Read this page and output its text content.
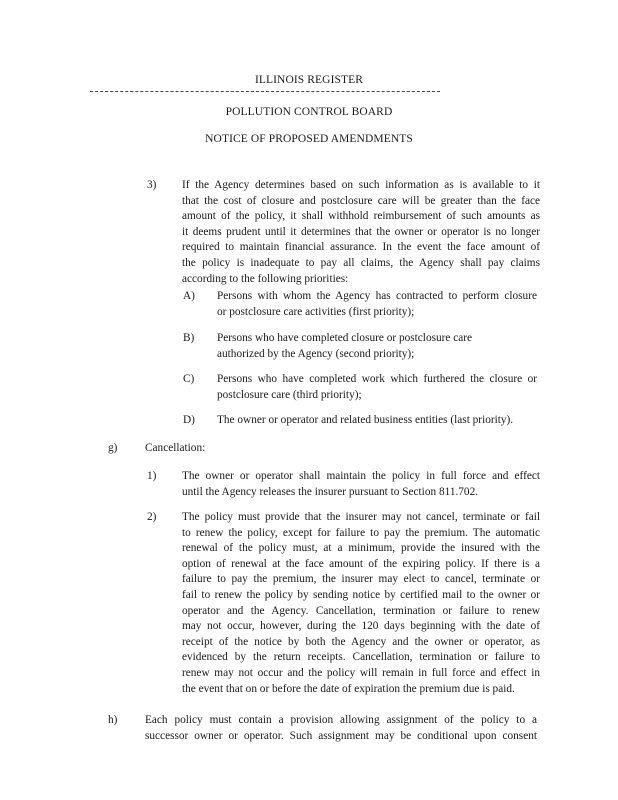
ILLINOIS REGISTER
POLLUTION CONTROL BOARD
NOTICE OF PROPOSED AMENDMENTS
3) If the Agency determines based on such information as is available to it
that the cost of closure and postclosure care will be greater than the face
amount of the policy, it shall withhold reimbursement of such amounts as
it deems prudent until it determines that the owner or operator is no longer
required to maintain financial assurance. In the event the face amount of
the policy is inadequate to pay all claims, the Agency shall pay claims
according to the following priorities:
A) Persons with whom the Agency has contracted to perform closure
or postclosure care activities (first priority);
B) Persons who have completed closure or postclosure care
authorized by the Agency (second priority);
C) Persons who have completed work which furthered the closure or
postclosure care (third priority);
D) The owner or operator and related business entities (last priority).
g) Cancellation:
1) The owner or operator shall maintain the policy in full force and effect
until the Agency releases the insurer pursuant to Section 811.702.
2) The policy must provide that the insurer may not cancel, terminate or fail
to renew the policy, except for failure to pay the premium. The automatic
renewal of the policy must, at a minimum, provide the insured with the
option of renewal at the face amount of the expiring policy. If there is a
failure to pay the premium, the insurer may elect to cancel, terminate or
fail to renew the policy by sending notice by certified mail to the owner or
operator and the Agency. Cancellation, termination or failure to renew
may not occur, however, during the 120 days beginning with the date of
receipt of the notice by both the Agency and the owner or operator, as
evidenced by the return receipts. Cancellation, termination or failure to
renew may not occur and the policy will remain in full force and effect in
the event that on or before the date of expiration the premium due is paid.
h) Each policy must contain a provision allowing assignment of the policy to a
successor owner or operator. Such assignment may be conditional upon consent
